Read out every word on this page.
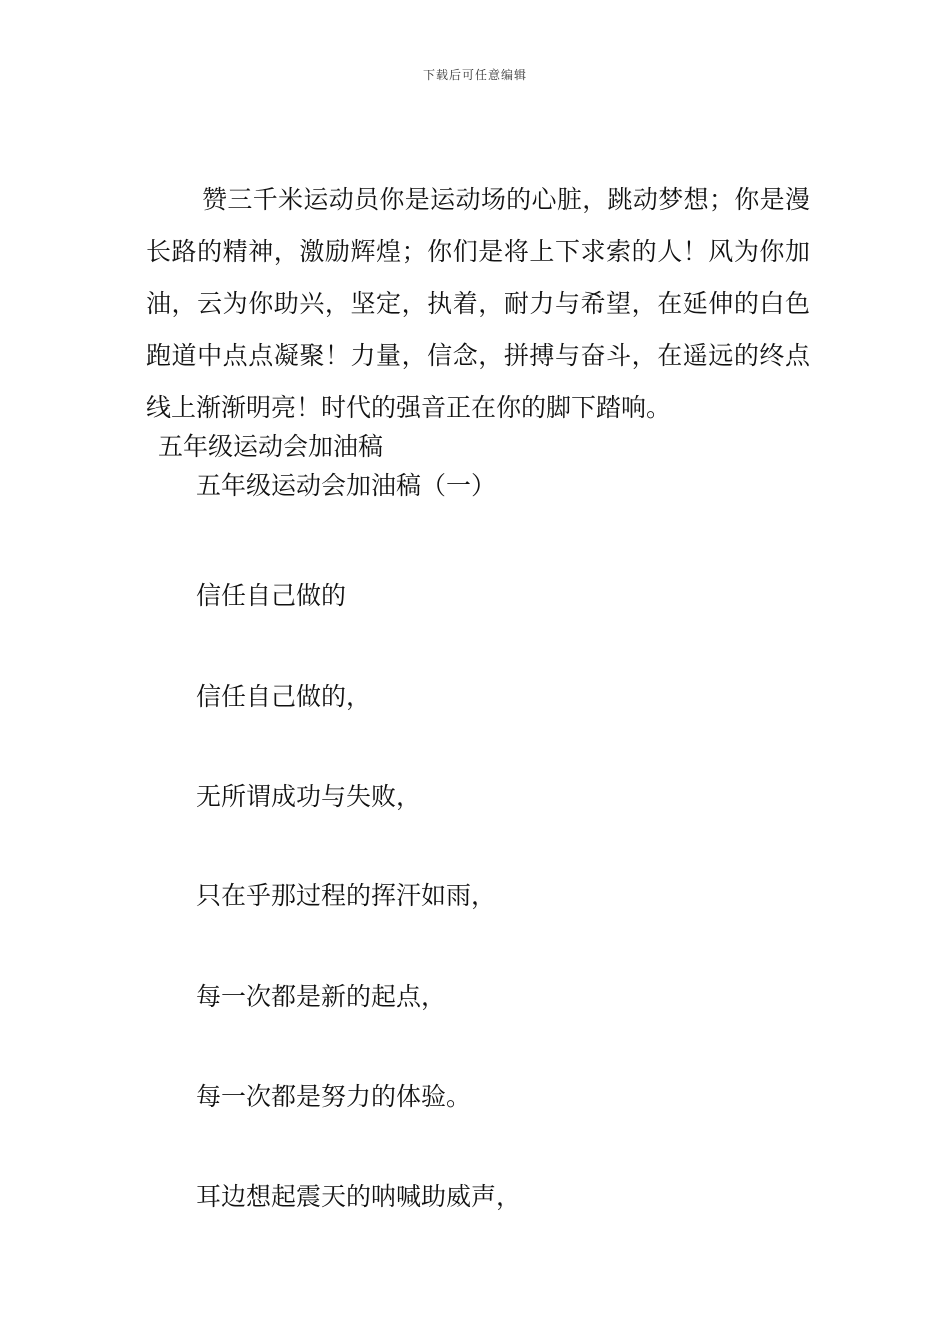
下载后可任意编辑

赞三千米运动员你是运动场的心脏，跳动梦想；你是漫长路的精神，激励辉煌；你们是将上下求索的人！风为你加油，云为你助兴，坚定，执着，耐力与希望，在延伸的白色跑道中点点凝聚！力量，信念，拼搏与奋斗，在遥远的终点线上渐渐明亮！时代的强音正在你的脚下踏响。

五年级运动会加油稿

五年级运动会加油稿（一）

信任自己做的

信任自己做的，

无所谓成功与失败，

只在乎那过程的挥汗如雨，

每一次都是新的起点，

每一次都是努力的体验。

耳边想起震天的呐喊助威声，
